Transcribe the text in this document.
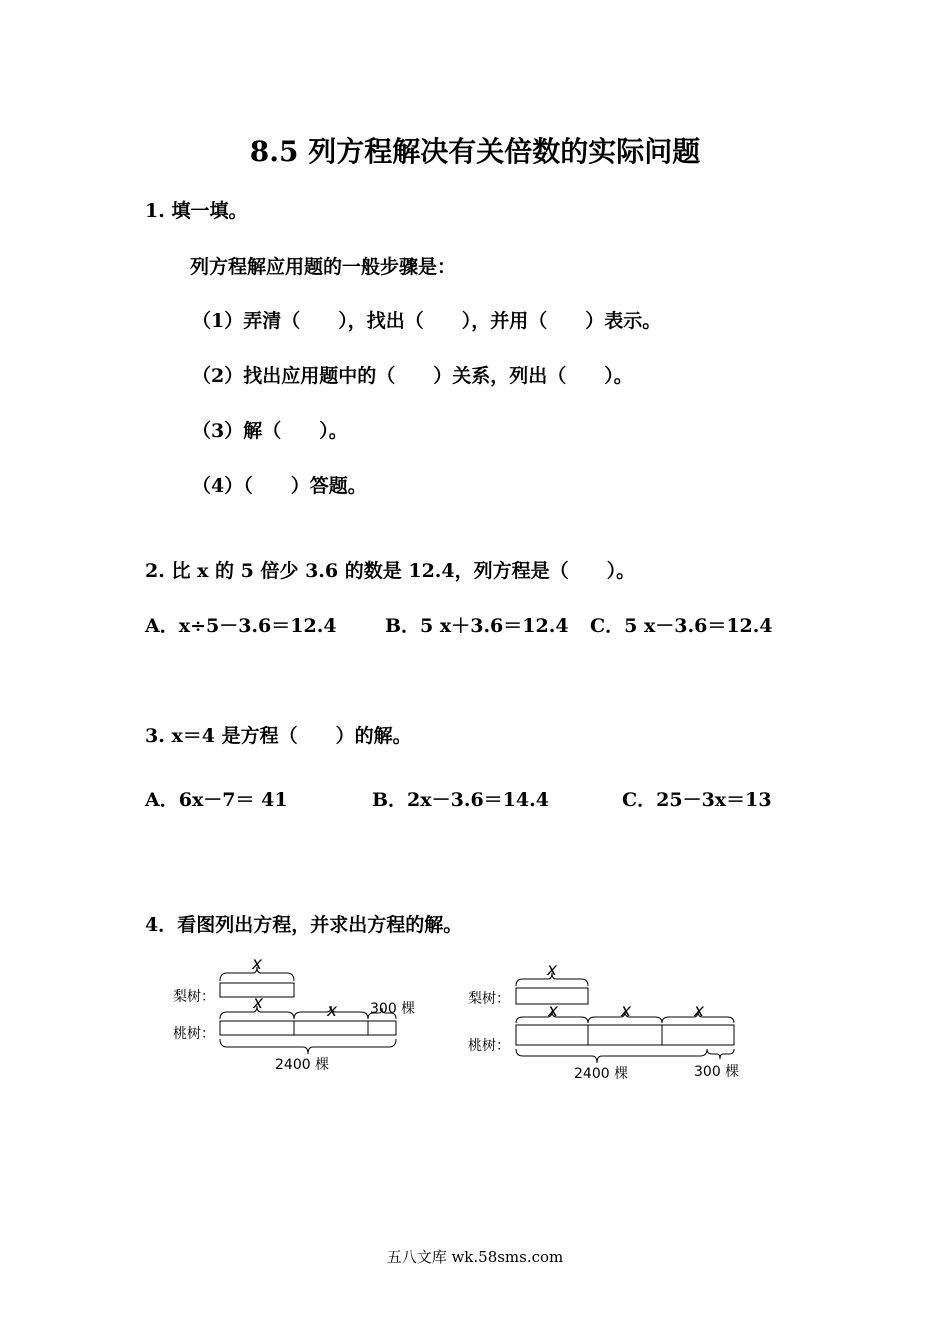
8.5 列方程解决有关倍数的实际问题
1. 填一填。
列方程解应用题的一般步骤是：
（1）弄清（　　），找出（　　），并用（　　）表示。
（2）找出应用题中的（　　）关系，列出（　　）。
（3）解（　　）。
（4）（　　）答题。
2. 比 x 的 5 倍少 3.6 的数是 12.4，列方程是（　　）。
A．x÷5－3.6＝12.4	B．5 x＋3.6＝12.4 C．5 x－3.6＝12.4
3. x＝4 是方程（　　）的解。
A．6x－7＝ 41	B．2x－3.6＝14.4	C．25－3x＝13
4．看图列出方程，并求出方程的解。
梨树：
桃树：
x
x	x 300 棵
2400 棵
梨树：
桃树：
x
x	x	x
2400 棵	300 棵
五八文库 wk.58sms.com
